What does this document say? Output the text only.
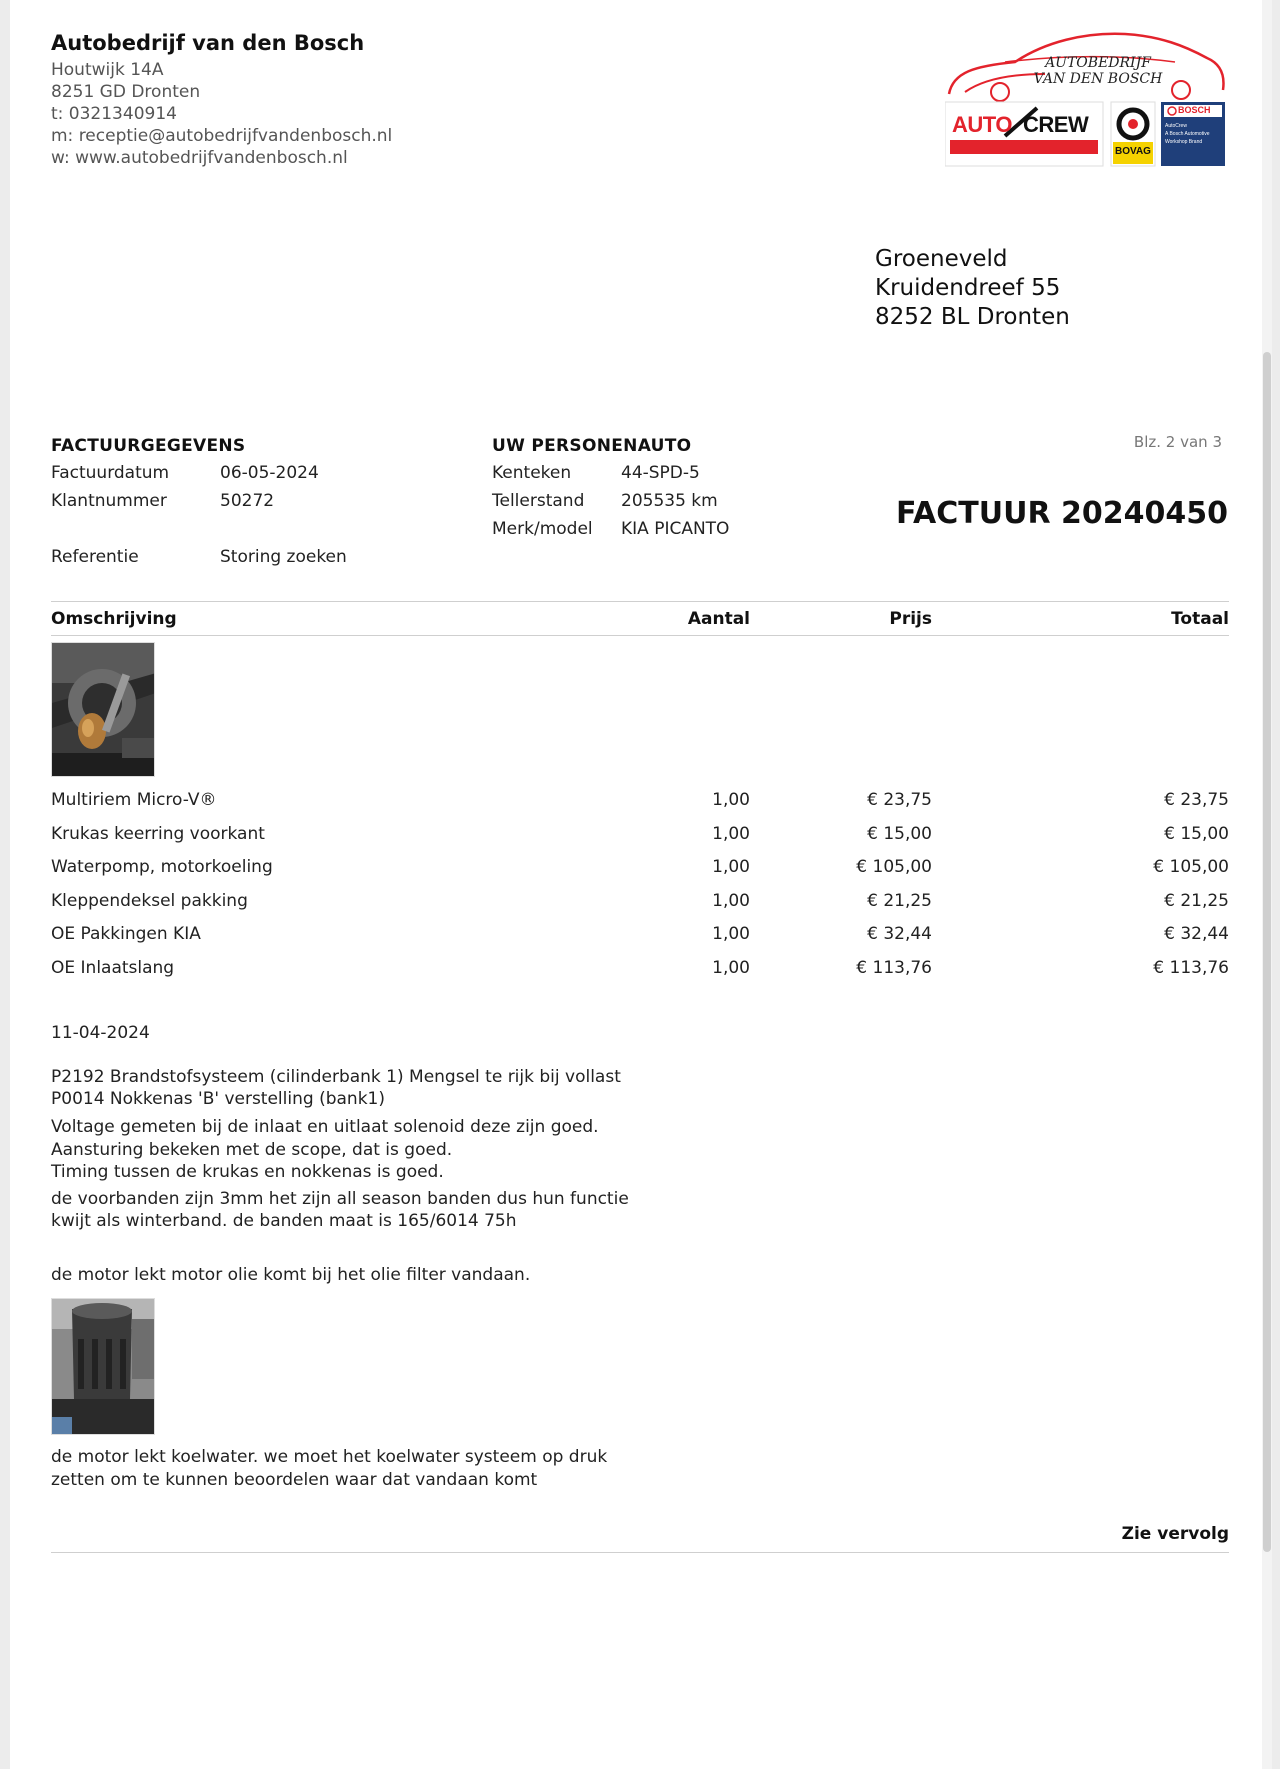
Autobedrijf van den Bosch
Houtwijk 14A
8251 GD Dronten
t: 0321340914
m: receptie@autobedrijfvandenbosch.nl
w: www.autobedrijfvandenbosch.nl
AUTOBEDRIJF
VAN DEN BOSCH
AUTO CREW
BOVAG
BOSCH
AutoCrew
A Bosch Automotive
Workshop Brand
Groeneveld
Kruidendreef 55
8252 BL Dronten
FACTUURGEGEVENS
Factuurdatum	06-05-2024
Klantnummer	50272
Referentie	Storing zoeken
UW PERSONENAUTO
Kenteken	44-SPD-5
Tellerstand 205535 km
Merk/model KIA PICANTO
Blz. 2 van 3
FACTUUR 20240450
Omschrijving	Aantal	Prijs	Totaal
Multiriem Micro-V®	1,00	€ 23,75	€ 23,75
Krukas keerring voorkant	1,00	€ 15,00	€ 15,00
Waterpomp, motorkoeling	1,00	€ 105,00	€ 105,00
Kleppendeksel pakking	1,00	€ 21,25	€ 21,25
OE Pakkingen KIA	1,00	€ 32,44	€ 32,44
OE Inlaatslang	1,00	€ 113,76	€ 113,76
11-04-2024
P2192 Brandstofsysteem (cilinderbank 1) Mengsel te rijk bij vollast
P0014 Nokkenas 'B' verstelling (bank1)
Voltage gemeten bij de inlaat en uitlaat solenoid deze zijn goed.
Aansturing bekeken met de scope, dat is goed.
Timing tussen de krukas en nokkenas is goed.
de voorbanden zijn 3mm het zijn all season banden dus hun functie
kwijt als winterband. de banden maat is 165/6014 75h
de motor lekt motor olie komt bij het olie filter vandaan.
de motor lekt koelwater. we moet het koelwater systeem op druk
zetten om te kunnen beoordelen waar dat vandaan komt
Zie vervolg
